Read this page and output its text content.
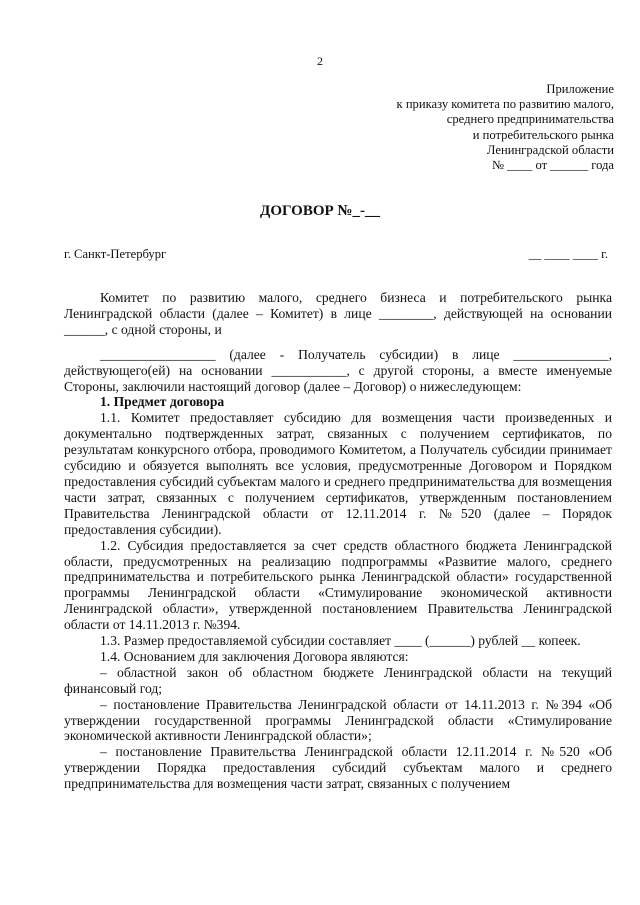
2
Приложение
к приказу комитета по развитию малого,
среднего предпринимательства
и потребительского рынка
Ленинградской области
№ ____ от ______ года
ДОГОВОР №_-__
г. Санкт-Петербург	__ ____ ____ г.

Комитет по развитию малого, среднего бизнеса и потребительского рынка Ленинградской области (далее – Комитет) в лице ________, действующей на основании ______, с одной стороны, и

_________________ (далее - Получатель субсидии) в лице ______________, действующего(ей) на основании ___________, с другой стороны, а вместе именуемые Стороны, заключили настоящий договор (далее – Договор) о нижеследующем:

1. Предмет договора

1.1. Комитет предоставляет субсидию для возмещения части произведенных и документально подтвержденных затрат, связанных с получением сертификатов, по результатам конкурсного отбора, проводимого Комитетом, а Получатель субсидии принимает субсидию и обязуется выполнять все условия, предусмотренные Договором и Порядком предоставления субсидий субъектам малого и среднего предпринимательства для возмещения части затрат, связанных с получением сертификатов, утвержденным постановлением Правительства Ленинградской области от 12.11.2014 г. №520 (далее – Порядок предоставления субсидии).

1.2. Субсидия предоставляется за счет средств областного бюджета Ленинградской области, предусмотренных на реализацию подпрограммы «Развитие малого, среднего предпринимательства и потребительского рынка Ленинградской области» государственной программы Ленинградской области «Стимулирование экономической активности Ленинградской области», утвержденной постановлением Правительства Ленинградской области от 14.11.2013 г. №394.

1.3. Размер предоставляемой субсидии составляет ____ (______) рублей __ копеек.

1.4. Основанием для заключения Договора являются:

– областной закон об областном бюджете Ленинградской области на текущий финансовый год;

– постановление Правительства Ленинградской области от 14.11.2013 г. №394 «Об утверждении государственной программы Ленинградской области «Стимулирование экономической активности Ленинградской области»;

– постановление Правительства Ленинградской области 12.11.2014 г. №520 «Об утверждении Порядка предоставления субсидий субъектам малого и среднего предпринимательства для возмещения части затрат, связанных с получением
